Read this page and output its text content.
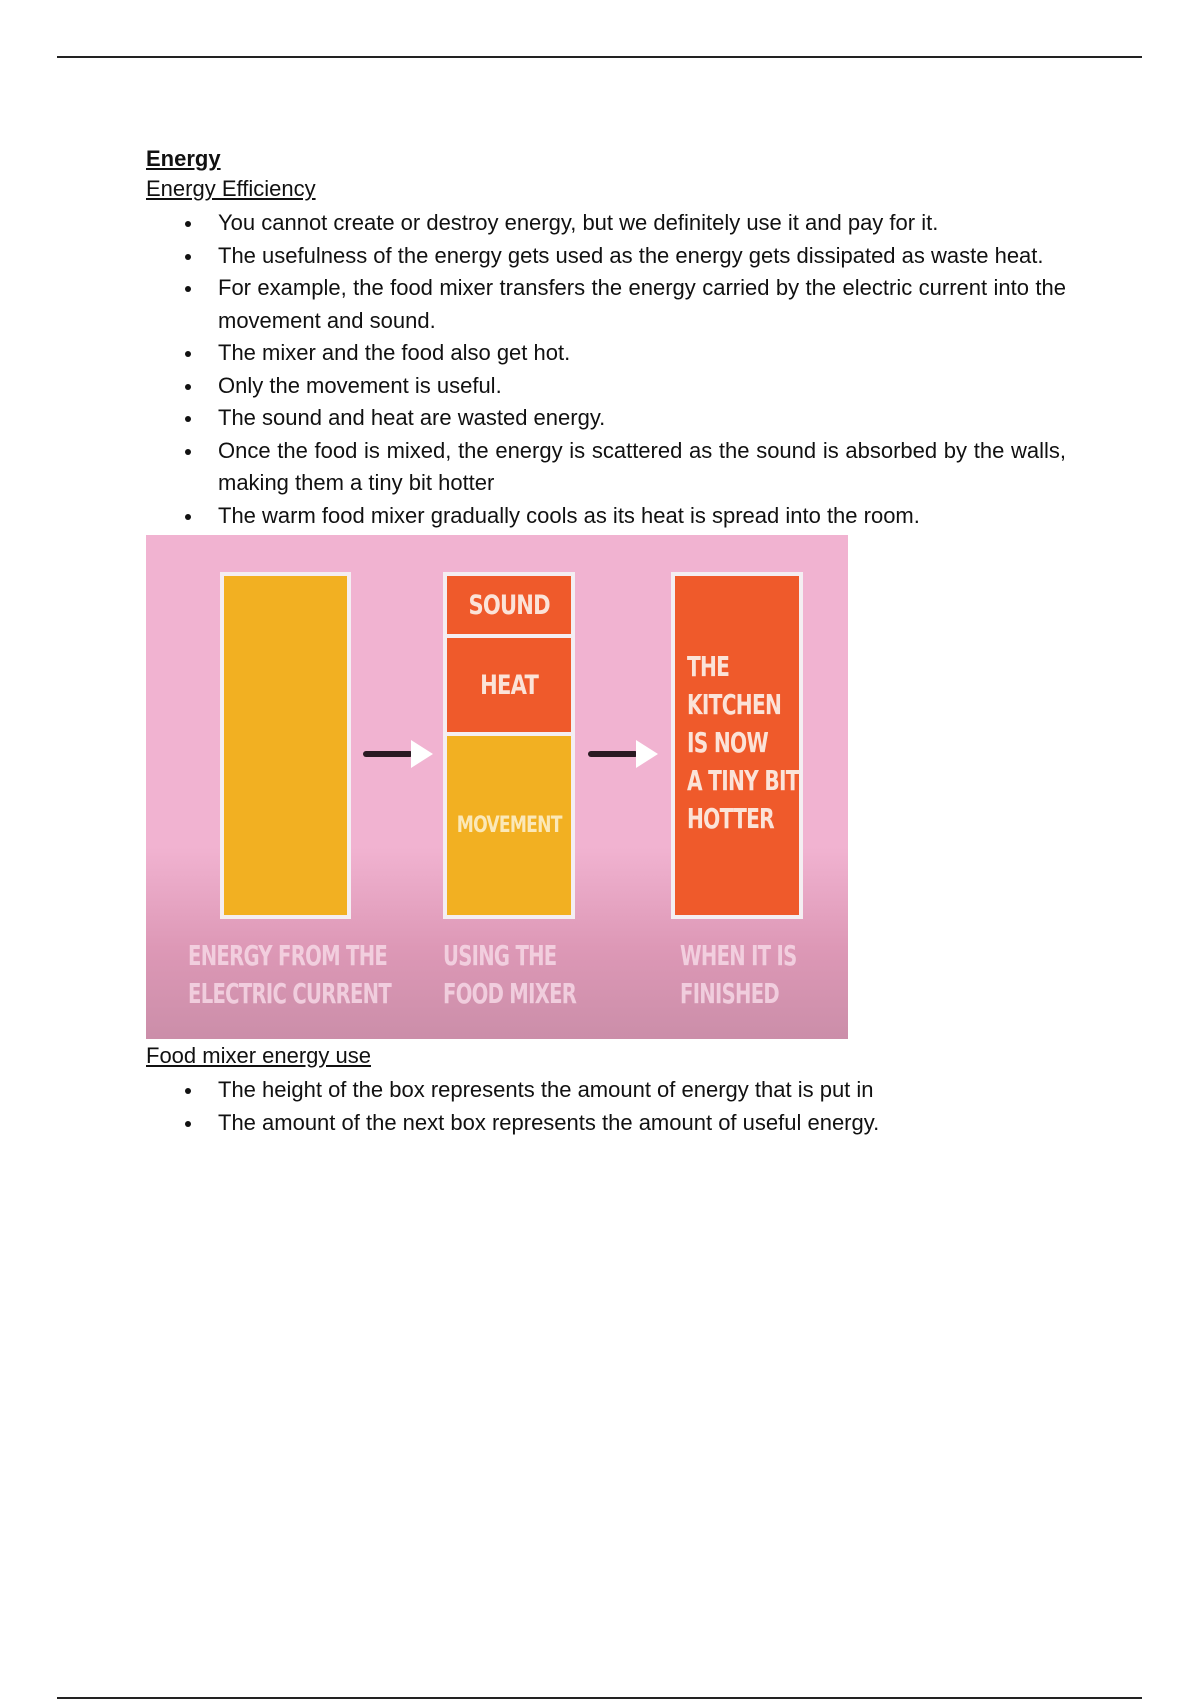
Energy
Energy Efficiency
You cannot create or destroy energy, but we definitely use it and pay for it.
The usefulness of the energy gets used as the energy gets dissipated as waste heat.
For example, the food mixer transfers the energy carried by the electric current into the movement and sound.
The mixer and the food also get hot.
Only the movement is useful.
The sound and heat are wasted energy.
Once the food is mixed, the energy is scattered as the sound is absorbed by the walls, making them a tiny bit hotter
The warm food mixer gradually cools as its heat is spread into the room.
SOUND
HEAT
MOVEMENT
THE
KITCHEN
IS NOW
A TINY BIT
HOTTER
ENERGY FROM THE
ELECTRIC CURRENT
USING THE
FOOD MIXER
WHEN IT IS
FINISHED
Food mixer energy use
The height of the box represents the amount of energy that is put in
The amount of the next box represents the amount of useful energy.
